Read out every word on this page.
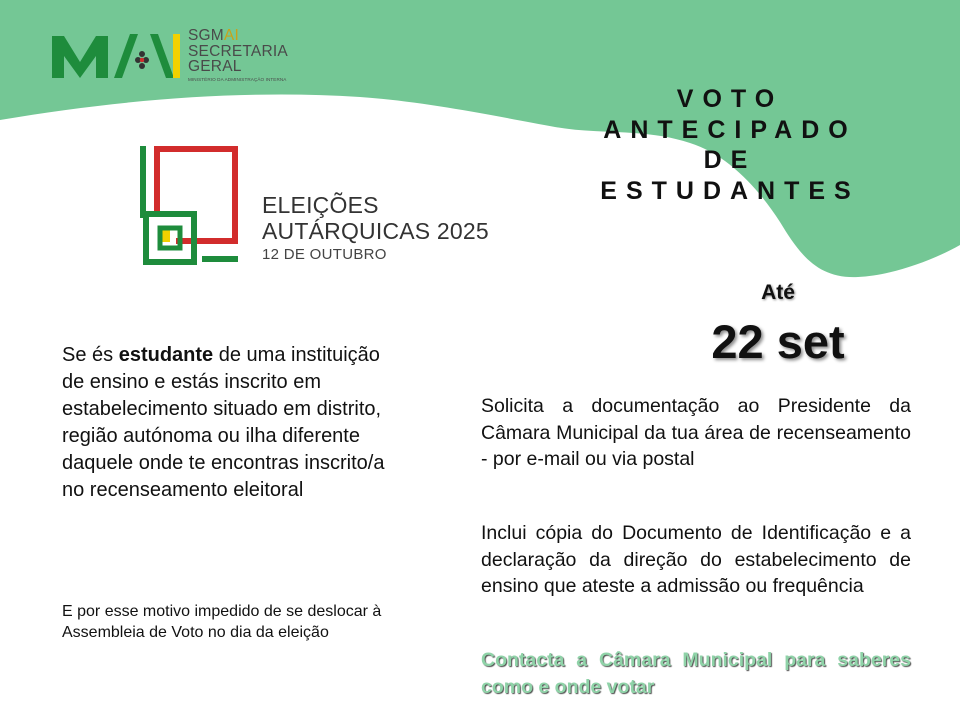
SGMAI
SECRETARIA
GERAL
MINISTÉRIO DA ADMINISTRAÇÃO INTERNA
ELEIÇÕES
AUTÁRQUICAS 2025
12 DE OUTUBRO
VOTO
ANTECIPADO
DE
ESTUDANTES
Até
22 set
Se és estudante de uma instituição de ensino e estás inscrito em estabelecimento situado em distrito, região autónoma ou ilha diferente daquele onde te encontras inscrito/a no recenseamento eleitoral
E por esse motivo impedido de se deslocar à Assembleia de Voto no dia da eleição
Solicita a documentação ao Presidente da Câmara Municipal da tua área de recenseamento - por e-mail ou via postal
Inclui cópia do Documento de Identificação e a declaração da direção do estabelecimento de ensino que ateste a admissão ou frequência
Contacta a Câmara Municipal para saberes como e onde votar
